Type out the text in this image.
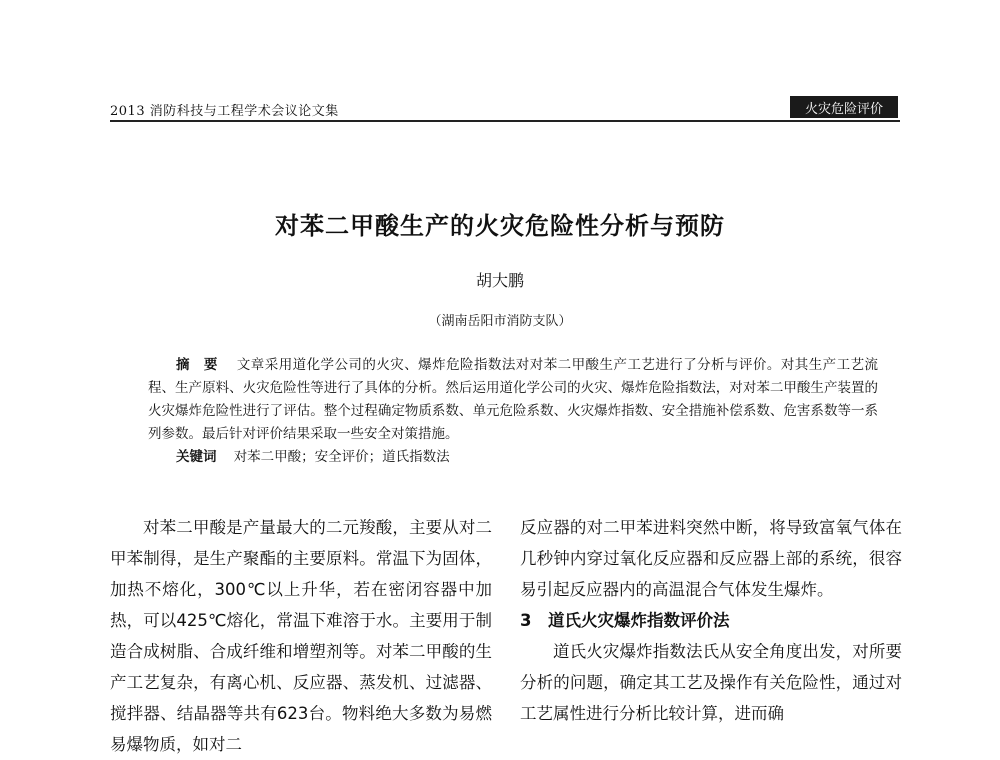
2013 消防科技与工程学术会议论文集	火灾危险评价
对苯二甲酸生产的火灾危险性分析与预防
胡大鹏
（湖南岳阳市消防支队）
摘　要 文章采用道化学公司的火灾、爆炸危险指数法对对苯二甲酸生产工艺进行了分析与评价。对其生产工艺流程、生产原料、火灾危险性等进行了具体的分析。然后运用道化学公司的火灾、爆炸危险指数法，对对苯二甲酸生产装置的火灾爆炸危险性进行了评估。整个过程确定物质系数、单元危险系数、火灾爆炸指数、安全措施补偿系数、危害系数等一系列参数。最后针对评价结果采取一些安全对策措施。
关键词 对苯二甲酸；安全评价；道氏指数法

对苯二甲酸是产量最大的二元羧酸，主要从对二甲苯制得，是生产聚酯的主要原料。常温下为固体，加热不熔化，300℃以上升华，若在密闭容器中加热，可以425℃熔化，常温下难溶于水。主要用于制造合成树脂、合成纤维和增塑剂等。对苯二甲酸的生产工艺复杂，有离心机、反应器、蒸发机、过滤器、搅拌器、结晶器等共有623台。物料绝大多数为易燃易爆物质，如对二

反应器的对二甲苯进料突然中断，将导致富氧气体在几秒钟内穿过氧化反应器和反应器上部的系统，很容易引起反应器内的高温混合气体发生爆炸。

3　道氏火灾爆炸指数评价法

道氏火灾爆炸指数法氏从安全角度出发，对所要分析的问题，确定其工艺及操作有关危险性，通过对工艺属性进行分析比较计算，进而确
